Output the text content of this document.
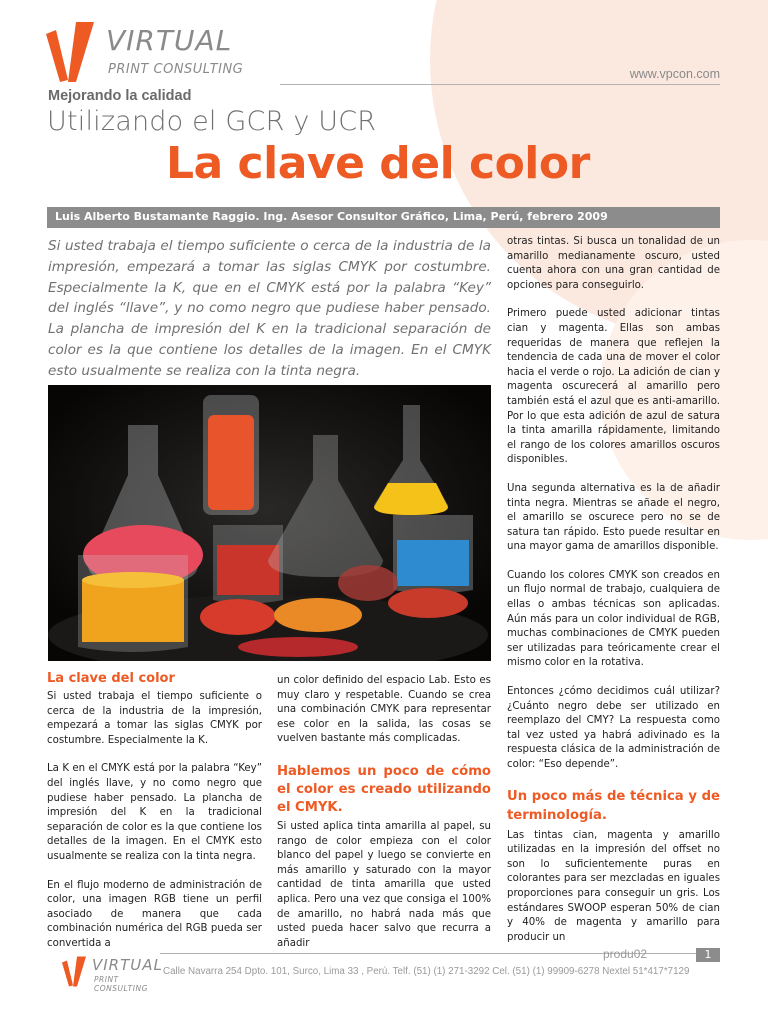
VIRTUAL
PRINT CONSULTING	www.vpcon.com
Mejorando la calidad
Utilizando el GCR y UCR
La clave del color
Luis Alberto Bustamante Raggio. Ing. Asesor Consultor Gráfico, Lima, Perú, febrero 2009
Si usted trabaja el tiempo suficiente o cerca de la industria de la impresión, empezará a tomar las siglas CMYK por costumbre. Especialmente la K, que en el CMYK está por la palabra “Key” del inglés “llave”, y no como negro que pudiese haber pensado. La plancha de impresión del K en la tradicional separación de color es la que contiene los detalles de la imagen. En el CMYK esto usualmente se realiza con la tinta negra.
La clave del color

Si usted trabaja el tiempo suficiente o cerca de la industria de la impresión, empezará a tomar las siglas CMYK por costumbre. Especialmente la K.

La K en el CMYK está por la palabra “Key” del inglés llave, y no como negro que pudiese haber pensado. La plancha de impresión del K en la tradicional separación de color es la que contiene los detalles de la imagen. En el CMYK esto usualmente se realiza con la tinta negra.

En el flujo moderno de administración de color, una imagen RGB tiene un perfil asociado de manera que cada combinación numérica del RGB pueda ser convertida a

un color definido del espacio Lab. Esto es muy claro y respetable. Cuando se crea una combinación CMYK para representar ese color en la salida, las cosas se vuelven bastante más complicadas.

Hablemos un poco de cómo el color es creado utilizando el CMYK.

Si usted aplica tinta amarilla al papel, su rango de color empieza con el color blanco del papel y luego se convierte en más amarillo y saturado con la mayor cantidad de tinta amarilla que usted aplica. Pero una vez que consiga el 100% de amarillo, no habrá nada más que usted pueda hacer salvo que recurra a añadir

otras tintas. Si busca un tonalidad de un amarillo medianamente oscuro, usted cuenta ahora con una gran cantidad de opciones para conseguirlo.

Primero puede usted adicionar tintas cian y magenta. Ellas son ambas requeridas de manera que reflejen la tendencia de cada una de mover el color hacia el verde o rojo. La adición de cian y magenta oscurecerá al amarillo pero también está el azul que es anti-amarillo. Por lo que esta adición de azul de satura la tinta amarilla rápidamente, limitando el rango de los colores amarillos oscuros disponibles.

Una segunda alternativa es la de añadir tinta negra. Mientras se añade el negro, el amarillo se oscurece pero no se de satura tan rápido. Esto puede resultar en una mayor gama de amarillos disponible.

Cuando los colores CMYK son creados en un flujo normal de trabajo, cualquiera de ellas o ambas técnicas son aplicadas. Aún más para un color individual de RGB, muchas combinaciones de CMYK pueden ser utilizadas para teóricamente crear el mismo color en la rotativa.

Entonces ¿cómo decidimos cuál utilizar? ¿Cuánto negro debe ser utilizado en reemplazo del CMY? La respuesta como tal vez usted ya habrá adivinado es la respuesta clásica de la administración de color: “Eso depende”.

Un poco más de técnica y de terminología.

Las tintas cian, magenta y amarillo utilizadas en la impresión del offset no son lo suficientemente puras en colorantes para ser mezcladas en iguales proporciones para conseguir un gris. Los estándares SWOOP esperan 50% de cian y 40% de magenta y amarillo para producir un

produ02	1
VIRTUAL
PRINT CONSULTING
Calle Navarra 254 Dpto. 101, Surco, Lima 33 , Perú. Telf. (51) (1) 271-3292 Cel. (51) (1) 99909-6278 Nextel 51*417*7129
